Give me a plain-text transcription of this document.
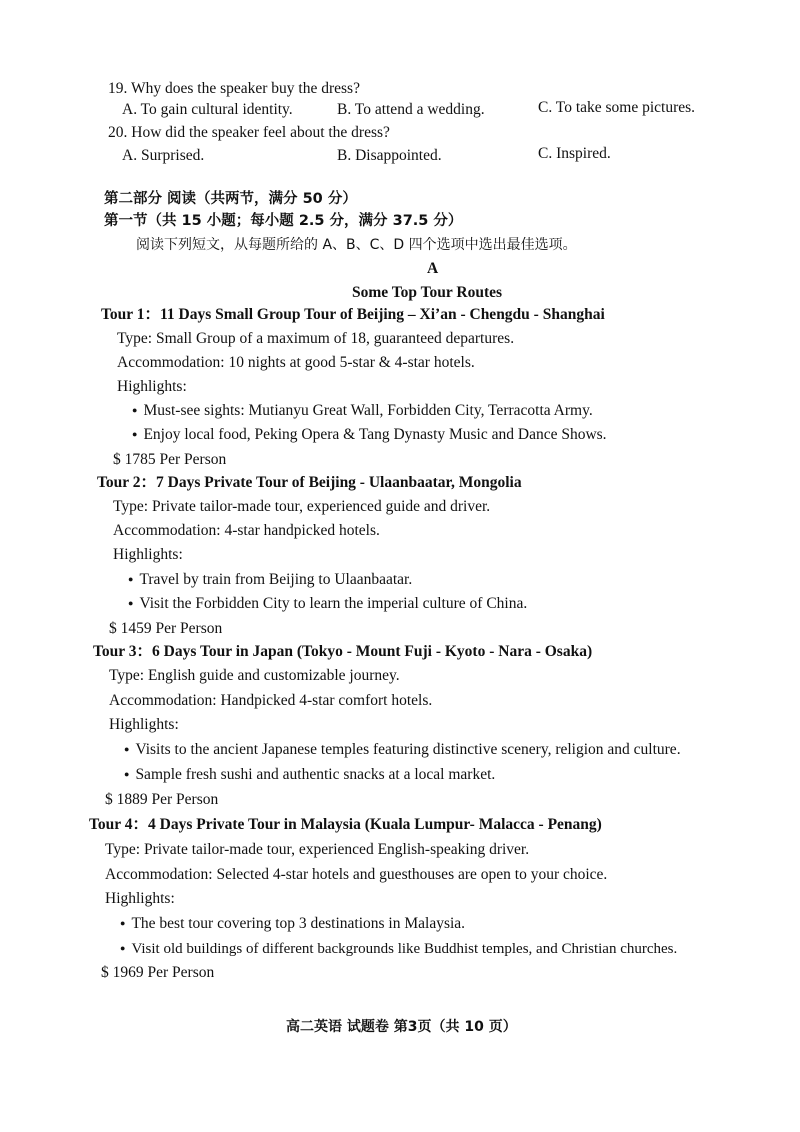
19. Why does the speaker buy the dress?
A. To gain cultural identity.	B. To attend a wedding.	C. To take some pictures.
20. How did the speaker feel about the dress?
A. Surprised.	B. Disappointed.	C. Inspired.
第二部分 阅读（共两节，满分 50 分）
第一节（共 15 小题；每小题 2.5 分，满分 37.5 分）
阅读下列短文，从每题所给的 A、B、C、D 四个选项中选出最佳选项。
A
Some Top Tour Routes
Tour 1：11 Days Small Group Tour of Beijing – Xi’an - Chengdu - Shanghai
Type: Small Group of a maximum of 18, guaranteed departures.
Accommodation: 10 nights at good 5-star & 4-star hotels.
Highlights:
● Must-see sights: Mutianyu Great Wall, Forbidden City, Terracotta Army.
● Enjoy local food, Peking Opera & Tang Dynasty Music and Dance Shows.
$ 1785 Per Person
Tour 2：7 Days Private Tour of Beijing - Ulaanbaatar, Mongolia
Type: Private tailor-made tour, experienced guide and driver.
Accommodation: 4-star handpicked hotels.
Highlights:
● Travel by train from Beijing to Ulaanbaatar.
● Visit the Forbidden City to learn the imperial culture of China.
$ 1459 Per Person
Tour 3：6 Days Tour in Japan (Tokyo - Mount Fuji - Kyoto - Nara - Osaka)
Type: English guide and customizable journey.
Accommodation: Handpicked 4-star comfort hotels.
Highlights:
● Visits to the ancient Japanese temples featuring distinctive scenery, religion and culture.
● Sample fresh sushi and authentic snacks at a local market.
$ 1889 Per Person
Tour 4：4 Days Private Tour in Malaysia (Kuala Lumpur- Malacca - Penang)
Type: Private tailor-made tour, experienced English-speaking driver.
Accommodation: Selected 4-star hotels and guesthouses are open to your choice.
Highlights:
● The best tour covering top 3 destinations in Malaysia.
● Visit old buildings of different backgrounds like Buddhist temples, and Christian churches.
$ 1969 Per Person
高二英语 试题卷 第3页（共 10 页）
